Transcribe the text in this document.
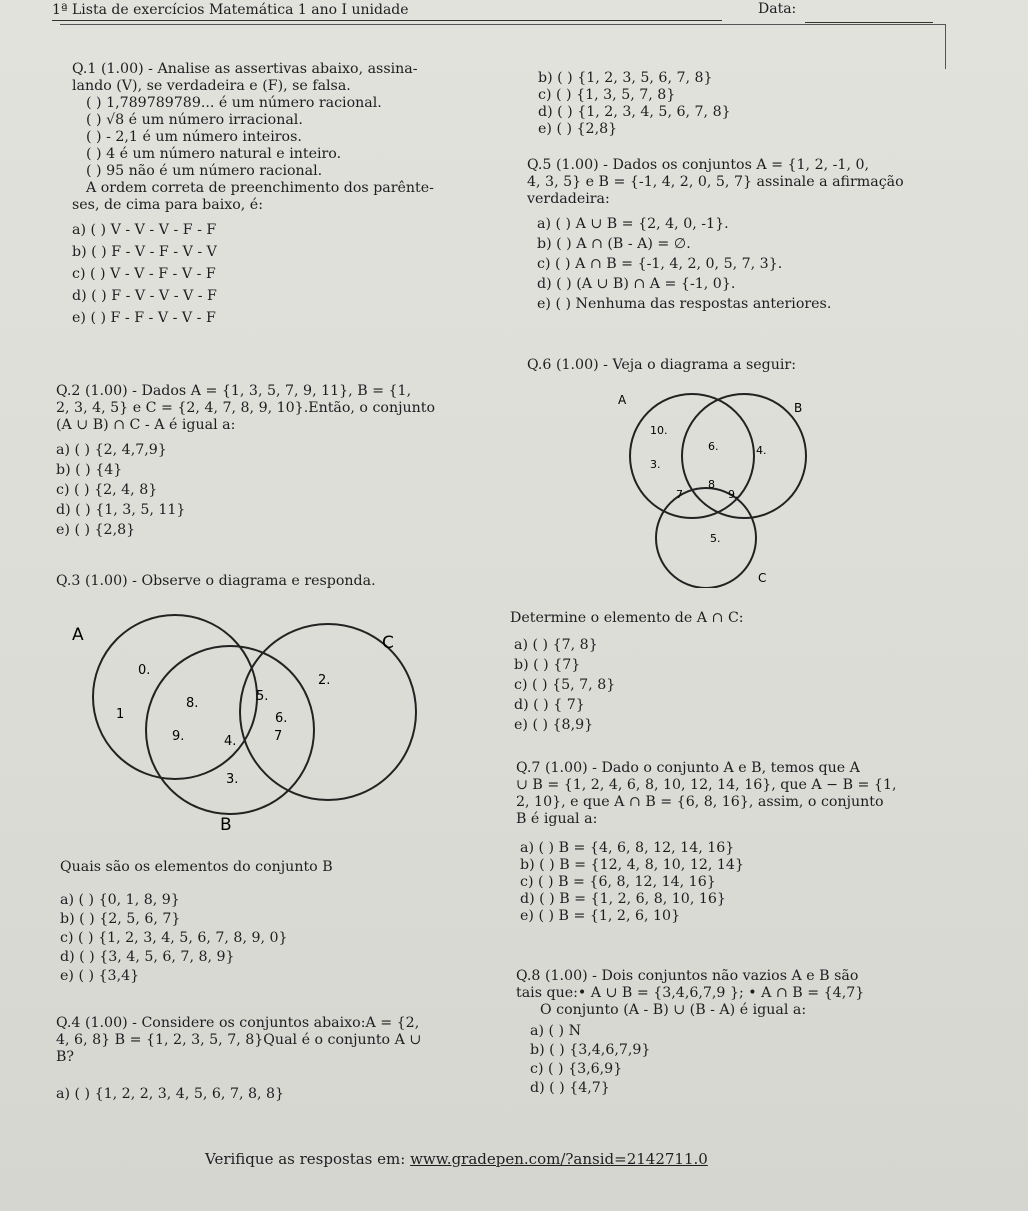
1ª Lista de exercícios Matemática 1 ano I unidade	Data:
Q.1 (1.00) - Analise as assertivas abaixo, assina-
lando (V), se verdadeira e (F), se falsa.
( ) 1,789789789... é um número racional.
( ) √8 é um número irracional.
( ) - 2,1 é um número inteiros.
( ) 4 é um número natural e inteiro.
( ) 95 não é um número racional.
A ordem correta de preenchimento dos parênte-
ses, de cima para baixo, é:
a) ( ) V - V - V - F - F
b) ( ) F - V - F - V - V
c) ( ) V - V - F - V - F
d) ( ) F - V - V - V - F
e) ( ) F - F - V - V - F
Q.2 (1.00) - Dados A = {1, 3, 5, 7, 9, 11}, B = {1,
2, 3, 4, 5} e C = {2, 4, 7, 8, 9, 10}.Então, o conjunto
(A ∪ B) ∩ C - A é igual a:
a) ( ) {2, 4,7,9}
b) ( ) {4}
c) ( ) {2, 4, 8}
d) ( ) {1, 3, 5, 11}
e) ( ) {2,8}
Q.3 (1.00) - Observe o diagrama e responda.
A	C
B
0.
1
8.
9.	4.
3.
5.
6.
7
2.
Quais são os elementos do conjunto B
a) ( ) {0, 1, 8, 9}
b) ( ) {2, 5, 6, 7}
c) ( ) {1, 2, 3, 4, 5, 6, 7, 8, 9, 0}
d) ( ) {3, 4, 5, 6, 7, 8, 9}
e) ( ) {3,4}
Q.4 (1.00) - Considere os conjuntos abaixo:A = {2,
4, 6, 8} B = {1, 2, 3, 5, 7, 8}Qual é o conjunto A ∪
B?
a) ( ) {1, 2, 2, 3, 4, 5, 6, 7, 8, 8}
b) ( ) {1, 2, 3, 5, 6, 7, 8}
c) ( ) {1, 3, 5, 7, 8}
d) ( ) {1, 2, 3, 4, 5, 6, 7, 8}
e) ( ) {2,8}
Q.5 (1.00) - Dados os conjuntos A = {1, 2, -1, 0,
4, 3, 5} e B = {-1, 4, 2, 0, 5, 7} assinale a afirmação
verdadeira:
a) ( ) A ∪ B = {2, 4, 0, -1}.
b) ( ) A ∩ (B - A) = ∅.
c) ( ) A ∩ B = {-1, 4, 2, 0, 5, 7, 3}.
d) ( ) (A ∪ B) ∩ A = {-1, 0}.
e) ( ) Nenhuma das respostas anteriores.
Q.6 (1.00) - Veja o diagrama a seguir:
A
B
C
10.
3.
6.	4.
8
7	9.
5.
Determine o elemento de A ∩ C:
a) ( ) {7, 8}
b) ( ) {7}
c) ( ) {5, 7, 8}
d) ( ) { 7}
e) ( ) {8,9}
Q.7 (1.00) - Dado o conjunto A e B, temos que A
∪ B = {1, 2, 4, 6, 8, 10, 12, 14, 16}, que A − B = {1,
2, 10}, e que A ∩ B = {6, 8, 16}, assim, o conjunto
B é igual a:
a) ( ) B = {4, 6, 8, 12, 14, 16}
b) ( ) B = {12, 4, 8, 10, 12, 14}
c) ( ) B = {6, 8, 12, 14, 16}
d) ( ) B = {1, 2, 6, 8, 10, 16}
e) ( ) B = {1, 2, 6, 10}
Q.8 (1.00) - Dois conjuntos não vazios A e B são
tais que:• A ∪ B = {3,4,6,7,9 }; • A ∩ B = {4,7}
O conjunto (A - B) ∪ (B - A) é igual a:
a) ( ) N
b) ( ) {3,4,6,7,9}
c) ( ) {3,6,9}
d) ( ) {4,7}
Verifique as respostas em: www.gradepen.com/?ansid=2142711.0
